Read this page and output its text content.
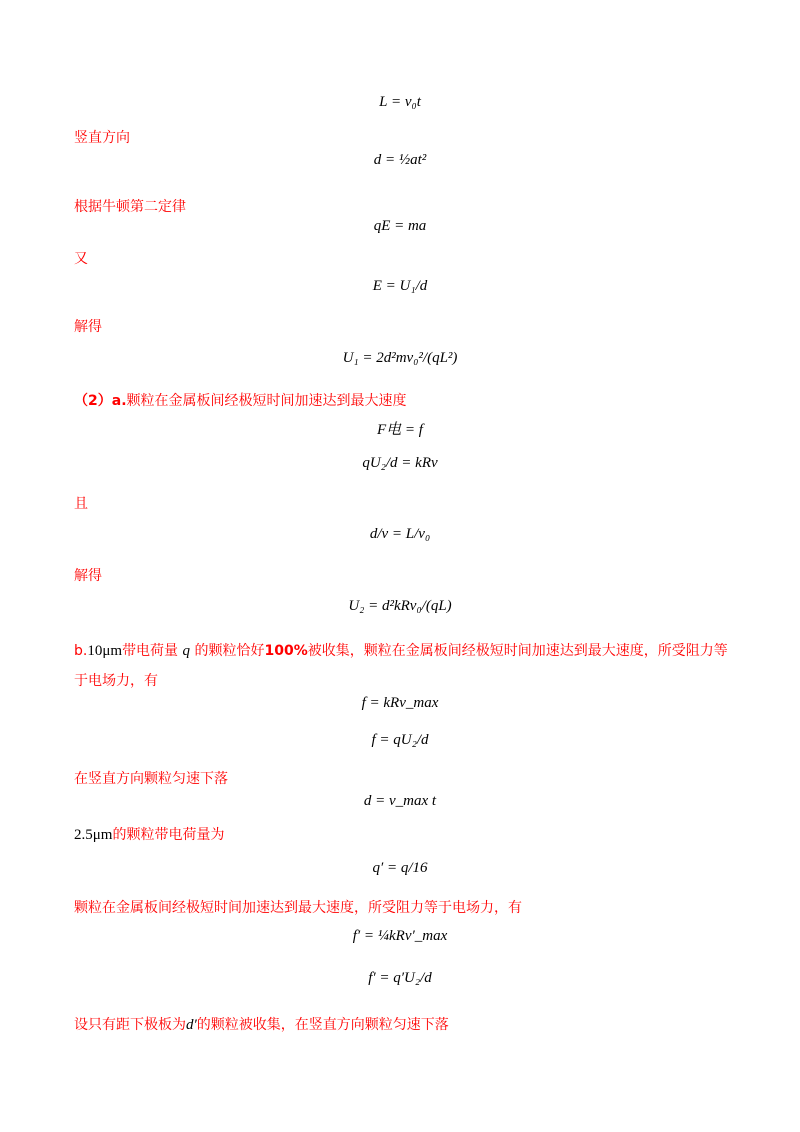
L = v₀t
竖直方向
d = ½at²
根据牛顿第二定律
qE = ma
又
E = U₁/d
解得
U₁ = 2d²mv₀²/(qL²)
（2）a.颗粒在金属板间经极短时间加速达到最大速度
F电 = f
qU₂/d = kRv
且
d/v = L/v₀
解得
U₂ = d²kRv₀/(qL)
b.10μm带电荷量 q 的颗粒恰好100%被收集，颗粒在金属板间经极短时间加速达到最大速度，所受阻力等
于电场力，有
f = kRv_max
f = qU₂/d
在竖直方向颗粒匀速下落
d = v_max t
2.5μm的颗粒带电荷量为
q′ = q/16
颗粒在金属板间经极短时间加速达到最大速度，所受阻力等于电场力，有
f′ = ¼kRv′_max
f′ = q′U₂/d
设只有距下极板为d′的颗粒被收集，在竖直方向颗粒匀速下落
